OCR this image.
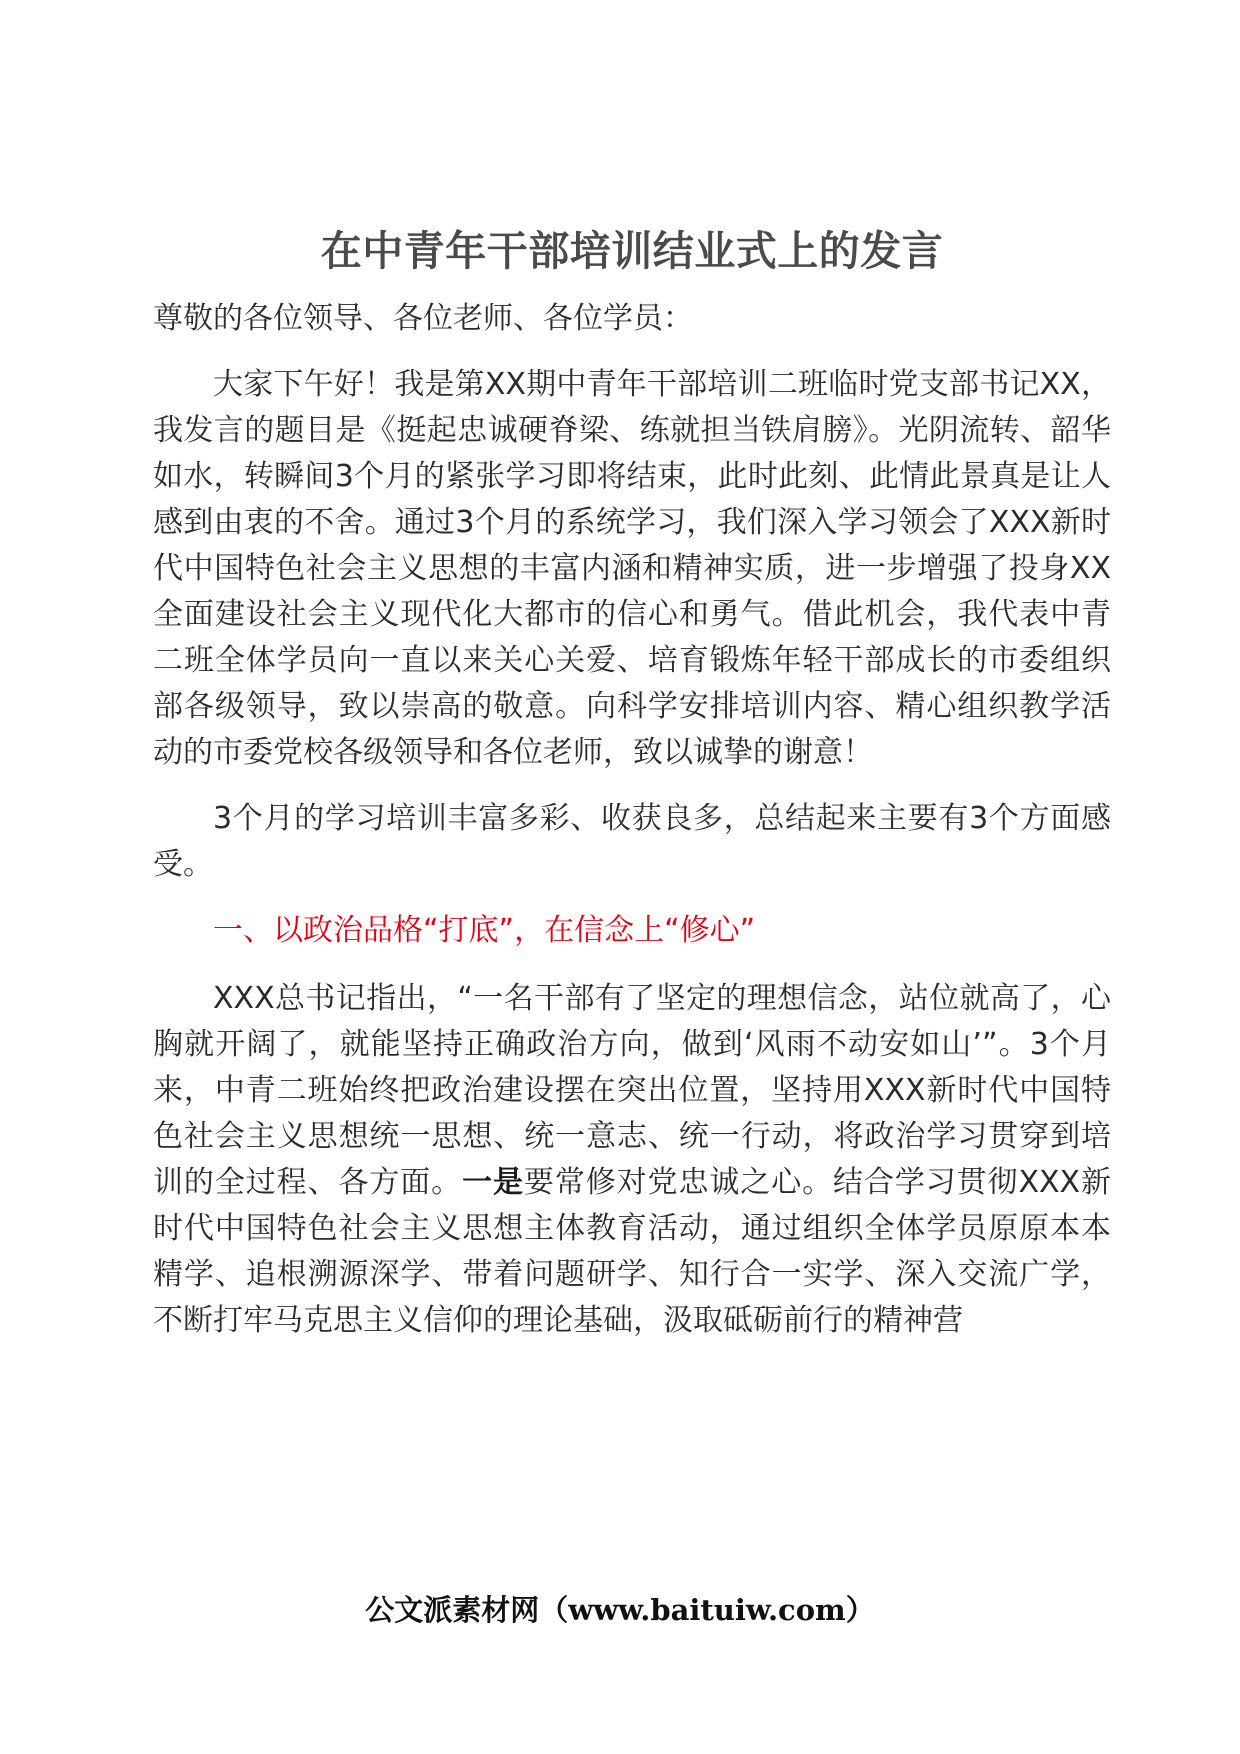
在中青年干部培训结业式上的发言

尊敬的各位领导、各位老师、各位学员：

大家下午好！我是第XX期中青年干部培训二班临时党支部书记XX，我发言的题目是《挺起忠诚硬脊梁、练就担当铁肩膀》。光阴流转、韶华如水，转瞬间3个月的紧张学习即将结束，此时此刻、此情此景真是让人感到由衷的不舍。通过3个月的系统学习，我们深入学习领会了XXX新时代中国特色社会主义思想的丰富内涵和精神实质，进一步增强了投身XX全面建设社会主义现代化大都市的信心和勇气。借此机会，我代表中青二班全体学员向一直以来关心关爱、培育锻炼年轻干部成长的市委组织部各级领导，致以崇高的敬意。向科学安排培训内容、精心组织教学活动的市委党校各级领导和各位老师，致以诚挚的谢意！

3个月的学习培训丰富多彩、收获良多，总结起来主要有3个方面感受。

一、以政治品格“打底”，在信念上“修心”

XXX总书记指出，“一名干部有了坚定的理想信念，站位就高了，心胸就开阔了，就能坚持正确政治方向，做到‘风雨不动安如山’”。3个月来，中青二班始终把政治建设摆在突出位置，坚持用XXX新时代中国特色社会主义思想统一思想、统一意志、统一行动，将政治学习贯穿到培训的全过程、各方面。一是要常修对党忠诚之心。结合学习贯彻XXX新时代中国特色社会主义思想主体教育活动，通过组织全体学员原原本本精学、追根溯源深学、带着问题研学、知行合一实学、深入交流广学，不断打牢马克思主义信仰的理论基础，汲取砥砺前行的精神营

公文派素材网（www.baituiw.com）
